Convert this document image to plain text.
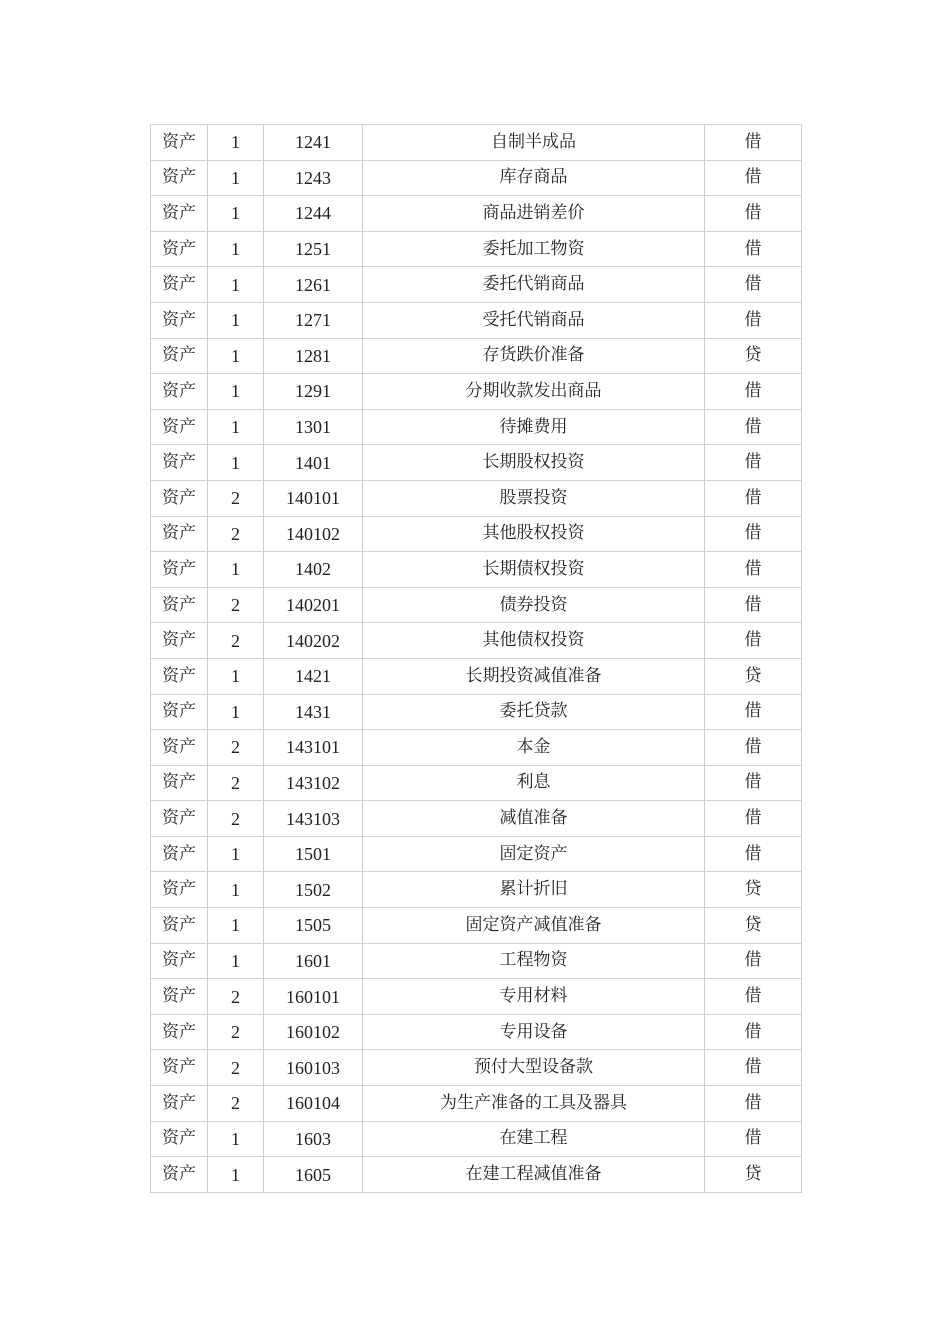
资产	1	1241	自制半成品	借
资产	1	1243	库存商品	借
资产	1	1244	商品进销差价	借
资产	1	1251	委托加工物资	借
资产	1	1261	委托代销商品	借
资产	1	1271	受托代销商品	借
资产	1	1281	存货跌价准备	贷
资产	1	1291	分期收款发出商品	借
资产	1	1301	待摊费用	借
资产	1	1401	长期股权投资	借
资产	2	140101	股票投资	借
资产	2	140102	其他股权投资	借
资产	1	1402	长期债权投资	借
资产	2	140201	债券投资	借
资产	2	140202	其他债权投资	借
资产	1	1421	长期投资减值准备	贷
资产	1	1431	委托贷款	借
资产	2	143101	本金	借
资产	2	143102	利息	借
资产	2	143103	减值准备	借
资产	1	1501	固定资产	借
资产	1	1502	累计折旧	贷
资产	1	1505	固定资产减值准备	贷
资产	1	1601	工程物资	借
资产	2	160101	专用材料	借
资产	2	160102	专用设备	借
资产	2	160103	预付大型设备款	借
资产	2	160104	为生产准备的工具及器具	借
资产	1	1603	在建工程	借
资产	1	1605	在建工程减值准备	贷
